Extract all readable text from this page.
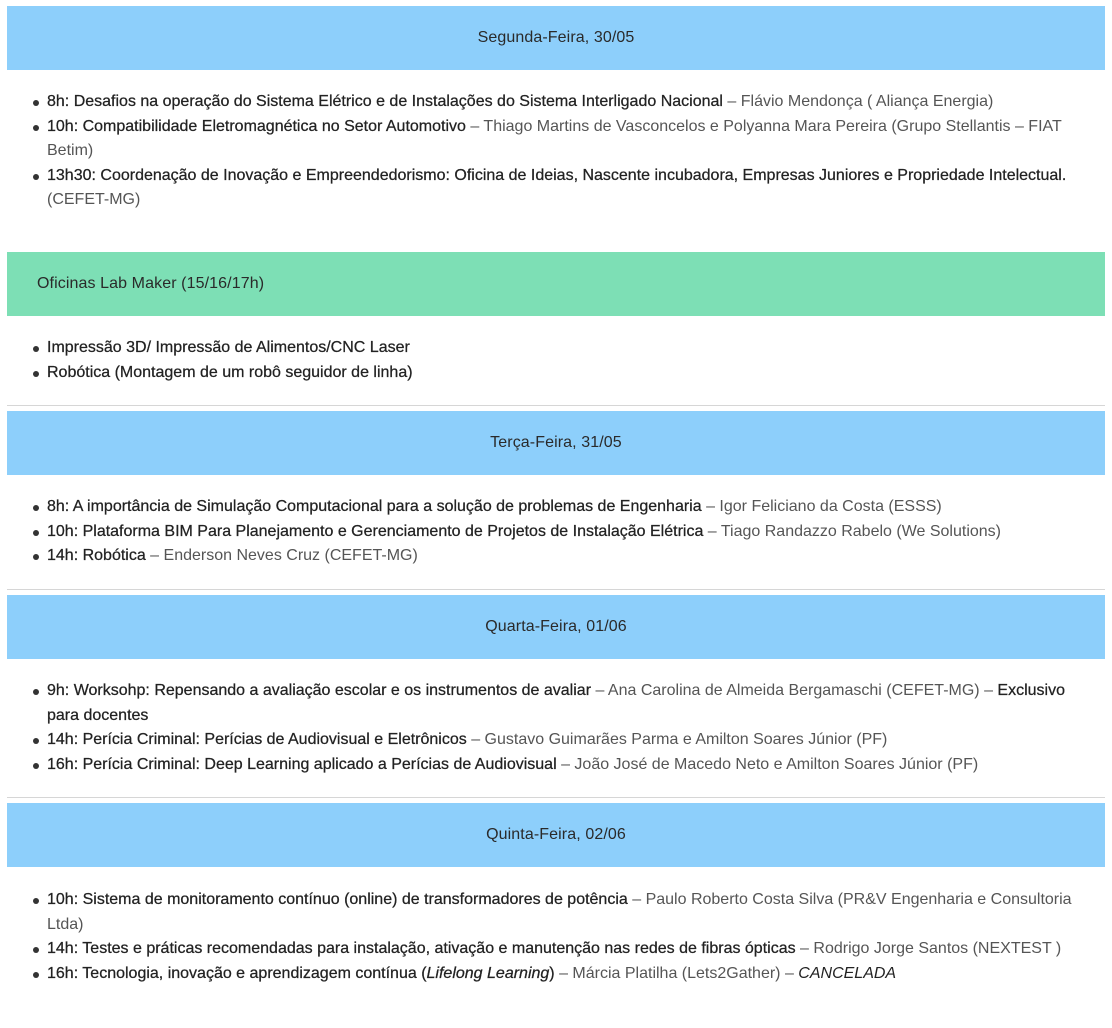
Segunda-Feira, 30/05
8h: Desafios na operação do Sistema Elétrico e de Instalações do Sistema Interligado Nacional – Flávio Mendonça ( Aliança Energia)
10h: Compatibilidade Eletromagnética no Setor Automotivo – Thiago Martins de Vasconcelos e Polyanna Mara Pereira (Grupo Stellantis – FIAT Betim)
13h30: Coordenação de Inovação e Empreendedorismo: Oficina de Ideias, Nascente incubadora, Empresas Juniores e Propriedade Intelectual.(CEFET-MG)
Oficinas Lab Maker (15/16/17h)
Impressão 3D/ Impressão de Alimentos/CNC Laser
Robótica (Montagem de um robô seguidor de linha)
Terça-Feira, 31/05
8h: A importância de Simulação Computacional para a solução de problemas de Engenharia – Igor Feliciano da Costa (ESSS)
10h: Plataforma BIM Para Planejamento e Gerenciamento de Projetos de Instalação Elétrica – Tiago Randazzo Rabelo (We Solutions)
14h: Robótica – Enderson Neves Cruz (CEFET-MG)
Quarta-Feira, 01/06
9h: Worksohp: Repensando a avaliação escolar e os instrumentos de avaliar – Ana Carolina de Almeida Bergamaschi (CEFET-MG) – Exclusivo para docentes
14h: Perícia Criminal: Perícias de Audiovisual e Eletrônicos – Gustavo Guimarães Parma e Amilton Soares Júnior (PF)
16h: Perícia Criminal: Deep Learning aplicado a Perícias de Audiovisual – João José de Macedo Neto e Amilton Soares Júnior (PF)
Quinta-Feira, 02/06
10h: Sistema de monitoramento contínuo (online) de transformadores de potência – Paulo Roberto Costa Silva (PR&V Engenharia e Consultoria Ltda)
14h: Testes e práticas recomendadas para instalação, ativação e manutenção nas redes de fibras ópticas – Rodrigo Jorge Santos (NEXTEST )
16h: Tecnologia, inovação e aprendizagem contínua (Lifelong Learning) – Márcia Platilha (Lets2Gather) – CANCELADA
